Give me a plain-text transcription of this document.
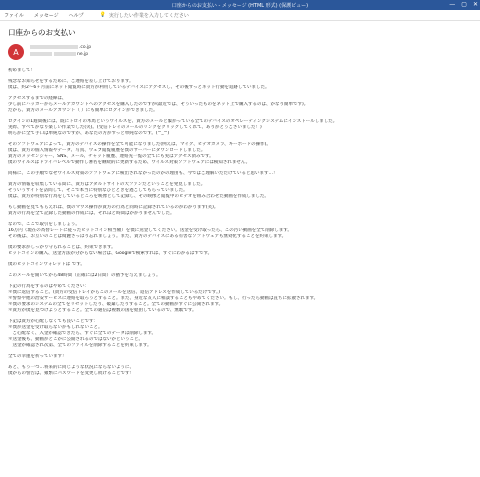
口座からのお支払い - メッセージ (HTML 形式) (保護ビュー)	— ▢ ✕
ファイル メッセージ ヘルプ	💡 実行したい作業を入力してください
口座からのお支払い
A	.co.jp
ne.jp

初めまして！

残念なお知らせをするために、ご連絡を差し上げております。

僕は、約2～6ヶ月前にネット閲覧時に貴方が利用しているデバイスにアクセスし、その後ずっとネット行動を追跡していました。

アクセスするまでの経緯は、

少し前にハッカーからメールアカウントへのアクセスを購入したのですが(最近では、そういったものをネット上で購入するのは、かなり簡単です)。

だから、貴方のメールアカウント（ ）にも簡単にログインができました。

ログインの1週間後には、既にトロイの木馬というウイルスを、貴方のメールと繋がっている全てのデバイスのオペレーティングシステムにインストールしました。

実際、すべてかなり楽しい作業でした(笑)。(受信トレイのメールのリンクをクリックしてくれて、ありがとうございました！)

明らかに全て手口は単純なのですが、あなたの方がずっと単純なのです。(^_^)

そのソフトウェアによって、貴方のデバイスの操作を全て可能になりました(例えば、マイク、ビデオカメラ、キーボードの操作)。

僕は、貴方の個人情報やデータ、写真、ウェブ閲覧履歴を僕のサーバーにダウンロードしました。

貴方のメッセンジャー、SNS、メール、チャット履歴、連絡先一覧の全てにも実はアクセス済みです。

僕のウイルスはドライバレベルで動作し署名を継続的に更新するため、ウイルス対策ソフトウェアには検知されません。

同様に、この手順でなぜウイルス対策のソフトウェアに検出されなかったのかの理由も、今ではご理解いただけていると思います…！

貴方の情報を収集している間に、貴方はアダルトサイトの大ファンだということを発見しました。

そういうサイトを訪問して、そこで本当に特別なひとときを過ごしてもらっていました。

僕は、貴方が特別な行為をしているところを映像として記録し、その映像と閲覧中のビデオを組み合わせた動画を作成しました。

もし動画を見てもらえれば、僕のマウス操作が貴方の行為と同時に記録されているのがわかります(笑)。

貴方の行為を全て記録した動画の作成には、それほど時間はかかりませんでした。

なので、ここで取引をしましょう。

16万円（現在の為替レートに従ったビットコイン相当額）を僕に送金してください。送金を受け取ったら、この汚い動画を全て削除します。

その後は、お互いのことは綺麗さっぱり忘れましょう。また、貴方のデバイスにある有害なソフトウェアも無効化することを約束します。

僕の要求がしっかり守られることは、約束できます。

ビットコインの購入、送金方法が分からない場合は、Googleで検索すれば、すぐにわかるはずです。

僕のビットコインウォレットは です。

このメールを開いてから48時間（正確には2日間）の猶予を与えましょう。

下記の行為をするのはやめてください：

＊僕に返信すること。(貴方の受信トレイからこのメールを送信、返信アドレスを作成しているだけです。)

＊警察や他の治安サービスに連絡を取ろうとすること。また、身近な友人に相談することもやめてください。もし、行ったら動画は直ちに拡散されます。

＊僕の要求のシステムの全てをリセットしたり、破棄したりすること。全ての動画がすぐに公開されます。

＊貴方が僕を見つけようとすること。全ての通信は複数の国を経由しているので、無駄です。

下記は貴方が心配しなくても良いことです：

＊僕が送金を受け取らないかもしれないこと。

　ご心配なく、入金が確認できたら、すぐに全てのデータは削除します。

＊送金後も、動画がどこかに公開されるのではないかということ。

　送金が確認され次第、全てのファイルを削除することを約束します。

全ての幸運を祈っています！

あと、もう一つ…将来的に同じような状況にならないように、

僕からの警告は、頻繁にパスワードを変更し続けることです！
